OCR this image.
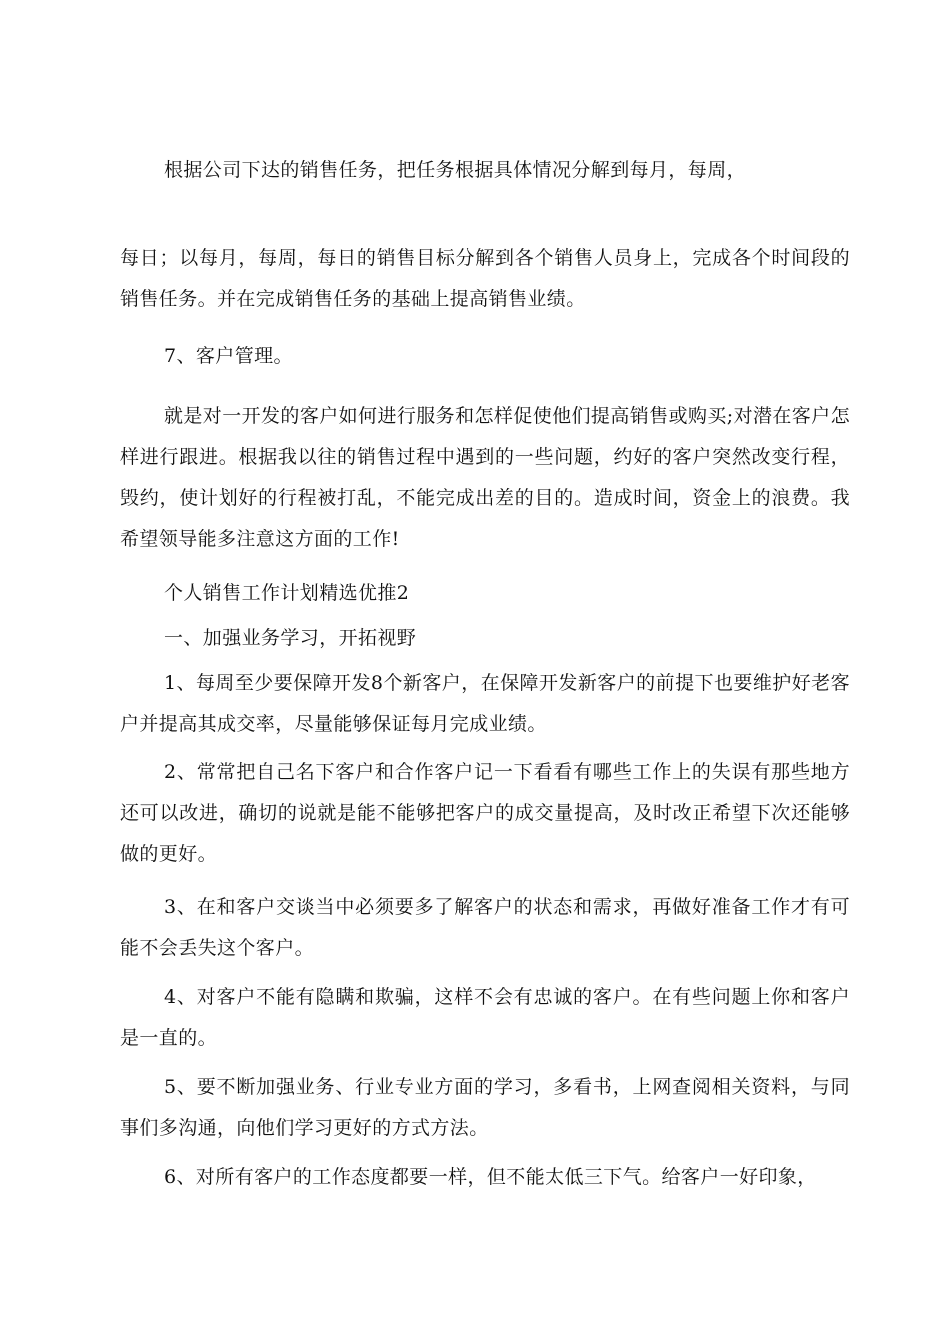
根据公司下达的销售任务，把任务根据具体情况分解到每月，每周，

每日；以每月，每周，每日的销售目标分解到各个销售人员身上，完成各个时间段的销售任务。并在完成销售任务的基础上提高销售业绩。

7、客户管理。

就是对一开发的客户如何进行服务和怎样促使他们提高销售或购买;对潜在客户怎样进行跟进。根据我以往的销售过程中遇到的一些问题，约好的客户突然改变行程，毁约，使计划好的行程被打乱，不能完成出差的目的。造成时间，资金上的浪费。我希望领导能多注意这方面的工作!

个人销售工作计划精选优推2

一、加强业务学习，开拓视野

1、每周至少要保障开发8个新客户，在保障开发新客户的前提下也要维护好老客户并提高其成交率，尽量能够保证每月完成业绩。

2、常常把自己名下客户和合作客户记一下看看有哪些工作上的失误有那些地方还可以改进，确切的说就是能不能够把客户的成交量提高，及时改正希望下次还能够做的更好。

3、在和客户交谈当中必须要多了解客户的状态和需求，再做好准备工作才有可能不会丢失这个客户。

4、对客户不能有隐瞒和欺骗，这样不会有忠诚的客户。在有些问题上你和客户是一直的。

5、要不断加强业务、行业专业方面的学习，多看书，上网查阅相关资料，与同事们多沟通，向他们学习更好的方式方法。

6、对所有客户的工作态度都要一样，但不能太低三下气。给客户一好印象，
